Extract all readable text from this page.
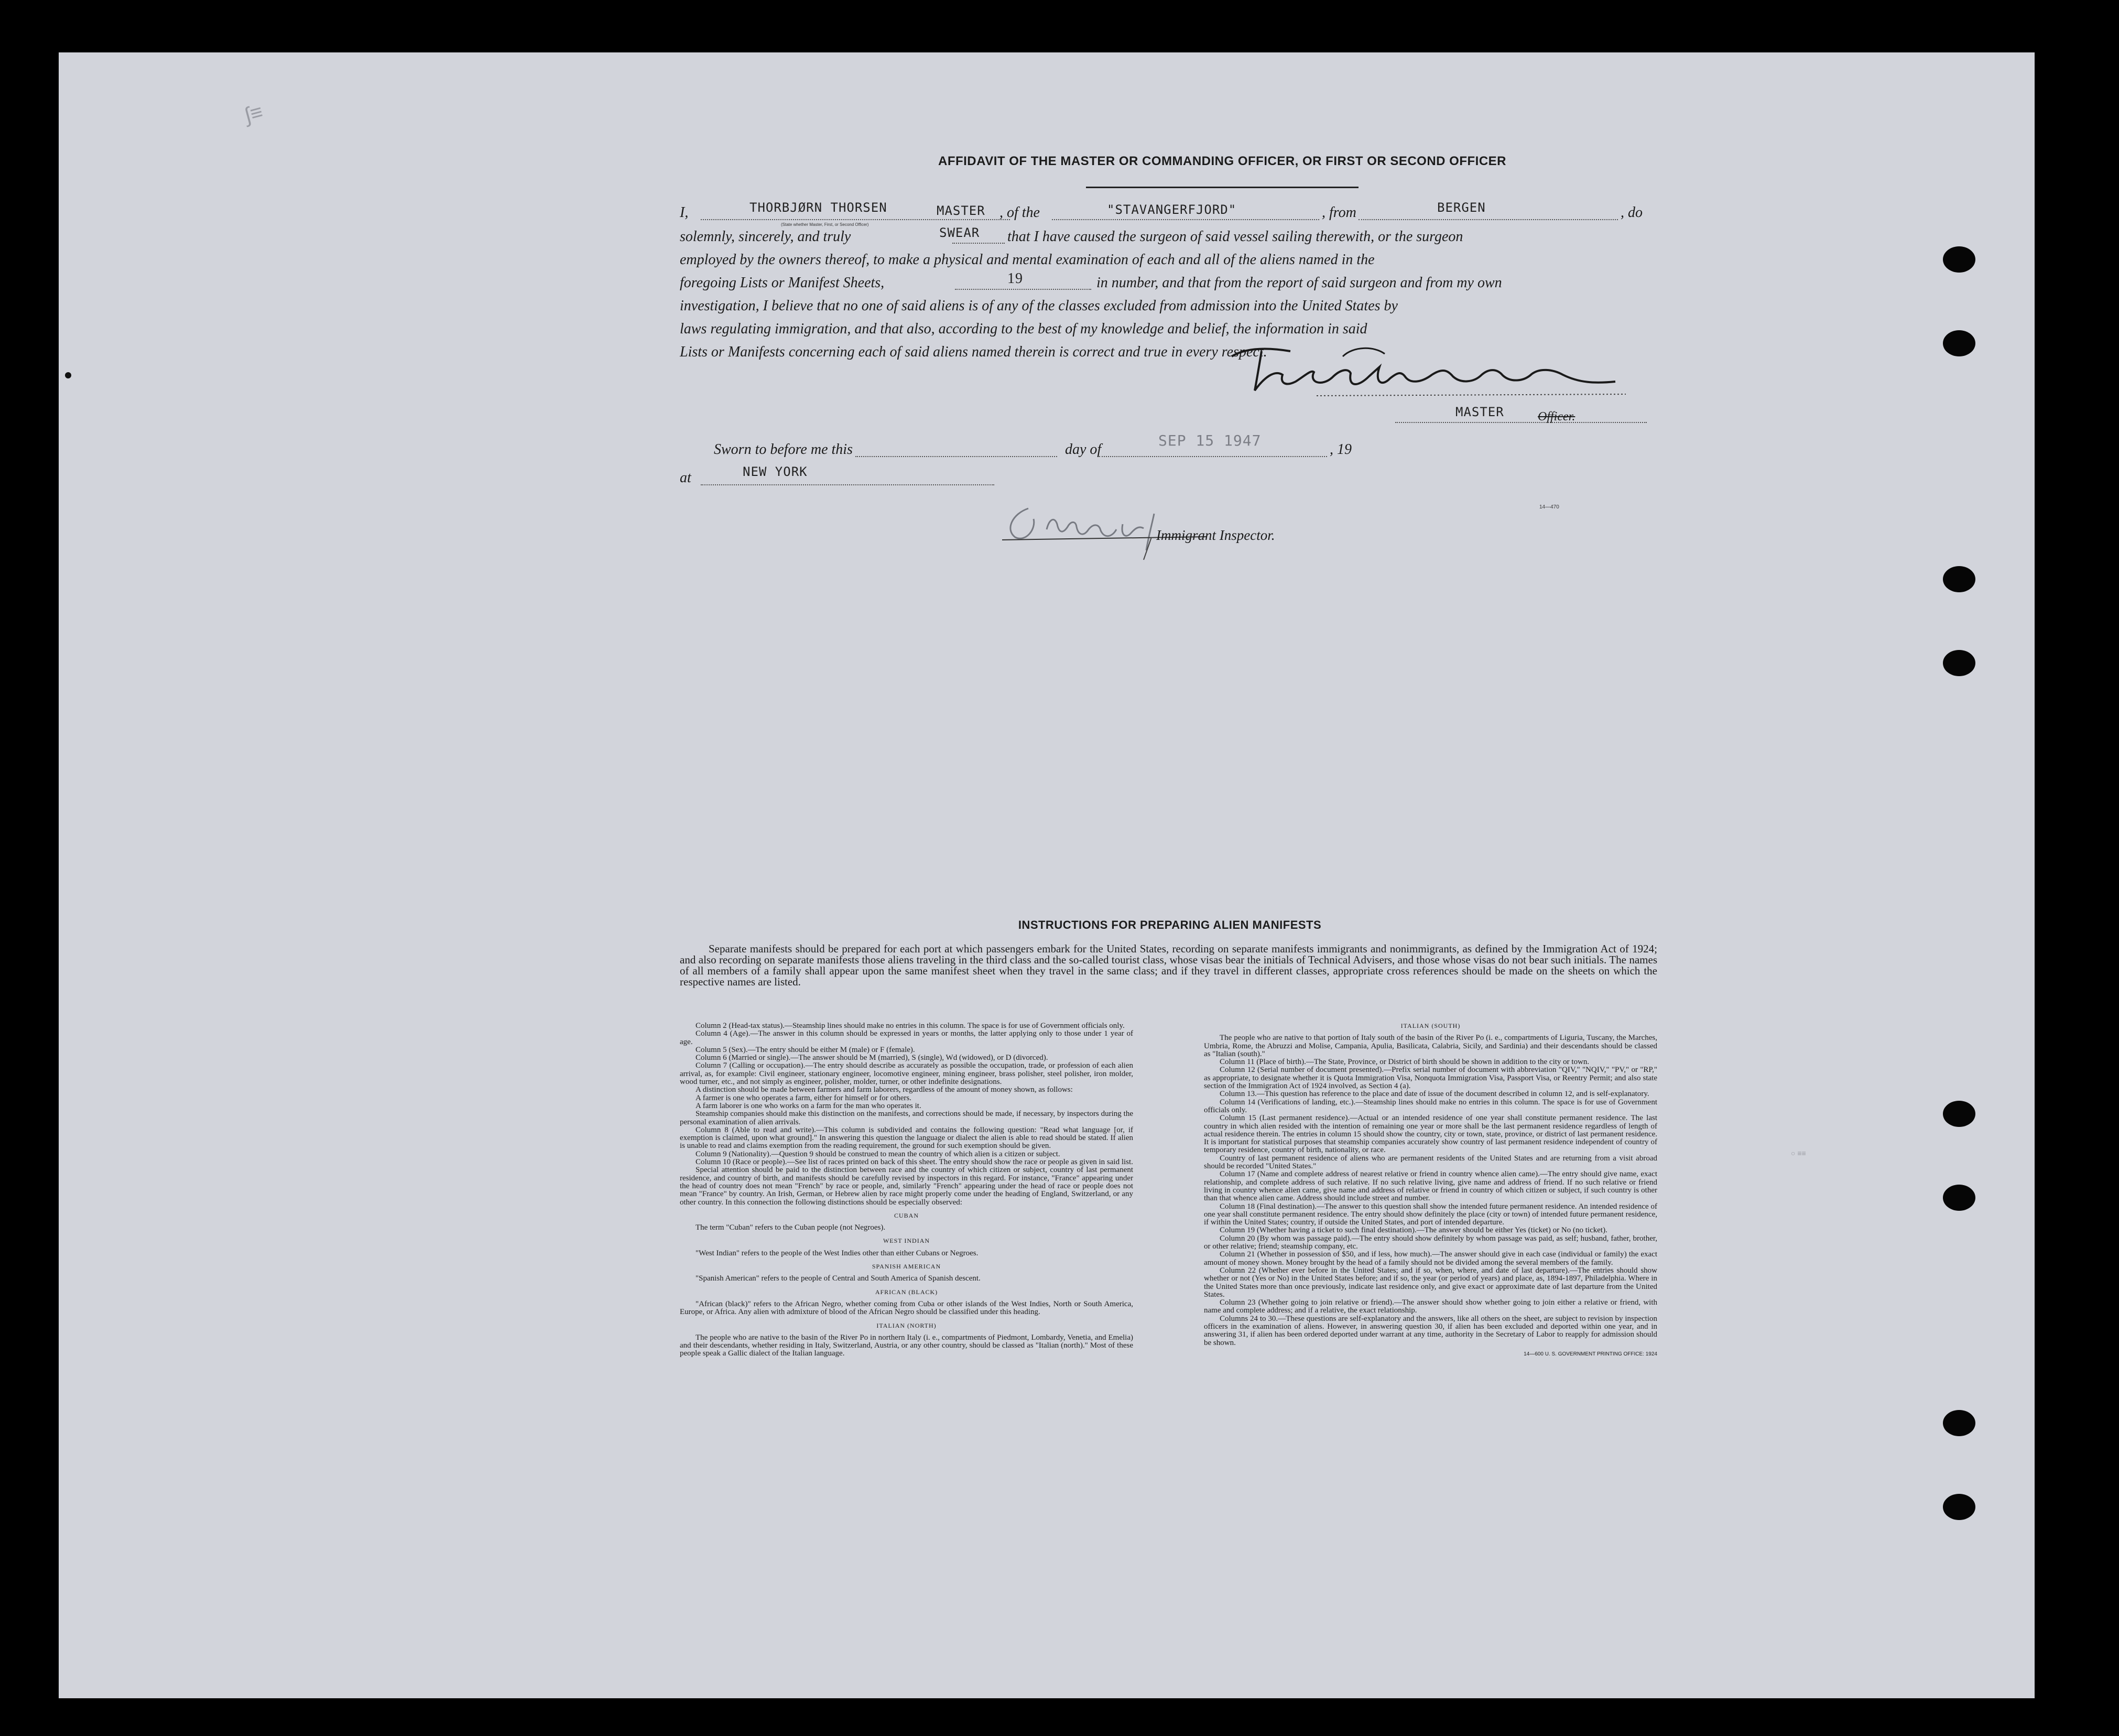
∫≡
AFFIDAVIT OF THE MASTER OR COMMANDING OFFICER, OR FIRST OR SECOND OFFICER
I,	, of the	, from	, do
THORBJØRN THORSEN	MASTER
(State whether Master, First, or Second Officer)
"STAVANGERFJORD"	BERGEN
solemnly, sincerely, and truly	that I have caused the surgeon of said vessel sailing therewith, or the surgeon
SWEAR
employed by the owners thereof, to make a physical and mental examination of each and all of the aliens named in the
foregoing Lists or Manifest Sheets,	in number, and that from the report of said surgeon and from my own
19
investigation, I believe that no one of said aliens is of any of the classes excluded from admission into the United States by
laws regulating immigration, and that also, according to the best of my knowledge and belief, the information in said
Lists or Manifests concerning each of said aliens named therein is correct and true in every respect.
MASTER	Officer.
Sworn to before me this	day of	, 19
SEP 15 1947
at	NEW YORK
Immigrant Inspector.
14—470
○ ≡≡
INSTRUCTIONS FOR PREPARING ALIEN MANIFESTS

Separate manifests should be prepared for each port at which passengers embark for the United States, recording on separate manifests immigrants and nonimmigrants, as defined by the Immigration Act of 1924; and also recording on separate manifests those aliens traveling in the third class and the so-called tourist class, whose visas bear the initials of Technical Advisers, and those whose visas do not bear such initials. The names of all members of a family shall appear upon the same manifest sheet when they travel in the same class; and if they travel in different classes, appropriate cross references should be made on the sheets on which the respective names are listed.

Column 2 (Head-tax status).—Steamship lines should make no entries in this column. The space is for use of Government officials only.

Column 4 (Age).—The answer in this column should be expressed in years or months, the latter applying only to those under 1 year of age.

Column 5 (Sex).—The entry should be either M (male) or F (female).

Column 6 (Married or single).—The answer should be M (married), S (single), Wd (widowed), or D (divorced).

Column 7 (Calling or occupation).—The entry should describe as accurately as possible the occupation, trade, or profession of each alien arrival, as, for example: Civil engineer, stationary engineer, locomotive engineer, mining engineer, brass polisher, steel polisher, iron molder, wood turner, etc., and not simply as engineer, polisher, molder, turner, or other indefinite designations.

A distinction should be made between farmers and farm laborers, regardless of the amount of money shown, as follows:

A farmer is one who operates a farm, either for himself or for others.

A farm laborer is one who works on a farm for the man who operates it.

Steamship companies should make this distinction on the manifests, and corrections should be made, if necessary, by inspectors during the personal examination of alien arrivals.

Column 8 (Able to read and write).—This column is subdivided and contains the following question: "Read what language [or, if exemption is claimed, upon what ground]." In answering this question the language or dialect the alien is able to read should be stated. If alien is unable to read and claims exemption from the reading requirement, the ground for such exemption should be given.

Column 9 (Nationality).—Question 9 should be construed to mean the country of which alien is a citizen or subject.

Column 10 (Race or people).—See list of races printed on back of this sheet. The entry should show the race or people as given in said list.

Special attention should be paid to the distinction between race and the country of which citizen or subject, country of last permanent residence, and country of birth, and manifests should be carefully revised by inspectors in this regard. For instance, "France" appearing under the head of country does not mean "French" by race or people, and, similarly "French" appearing under the head of race or people does not mean "France" by country. An Irish, German, or Hebrew alien by race might properly come under the heading of England, Switzerland, or any other country. In this connection the following distinctions should be especially observed:

CUBAN

The term "Cuban" refers to the Cuban people (not Negroes).

WEST INDIAN

"West Indian" refers to the people of the West Indies other than either Cubans or Negroes.

SPANISH AMERICAN

"Spanish American" refers to the people of Central and South America of Spanish descent.

AFRICAN (BLACK)

"African (black)" refers to the African Negro, whether coming from Cuba or other islands of the West Indies, North or South America, Europe, or Africa. Any alien with admixture of blood of the African Negro should be classified under this heading.

ITALIAN (NORTH)

The people who are native to the basin of the River Po in northern Italy (i. e., compartments of Piedmont, Lombardy, Venetia, and Emelia) and their descendants, whether residing in Italy, Switzerland, Austria, or any other country, should be classed as "Italian (north)." Most of these people speak a Gallic dialect of the Italian language.

ITALIAN (SOUTH)

The people who are native to that portion of Italy south of the basin of the River Po (i. e., compartments of Liguria, Tuscany, the Marches, Umbria, Rome, the Abruzzi and Molise, Campania, Apulia, Basilicata, Calabria, Sicily, and Sardinia) and their descendants should be classed as "Italian (south)."

Column 11 (Place of birth).—The State, Province, or District of birth should be shown in addition to the city or town.

Column 12 (Serial number of document presented).—Prefix serial number of document with abbreviation "QIV," "NQIV," "PV," or "RP," as appropriate, to designate whether it is Quota Immigration Visa, Nonquota Immigration Visa, Passport Visa, or Reentry Permit; and also state section of the Immigration Act of 1924 involved, as Section 4 (a).

Column 13.—This question has reference to the place and date of issue of the document described in column 12, and is self-explanatory.

Column 14 (Verifications of landing, etc.).—Steamship lines should make no entries in this column. The space is for use of Government officials only.

Column 15 (Last permanent residence).—Actual or an intended residence of one year shall constitute permanent residence. The last country in which alien resided with the intention of remaining one year or more shall be the last permanent residence regardless of length of actual residence therein. The entries in column 15 should show the country, city or town, state, province, or district of last permanent residence. It is important for statistical purposes that steamship companies accurately show country of last permanent residence independent of country of temporary residence, country of birth, nationality, or race.

Country of last permanent residence of aliens who are permanent residents of the United States and are returning from a visit abroad should be recorded "United States."

Column 17 (Name and complete address of nearest relative or friend in country whence alien came).—The entry should give name, exact relationship, and complete address of such relative. If no such relative living, give name and address of friend. If no such relative or friend living in country whence alien came, give name and address of relative or friend in country of which citizen or subject, if such country is other than that whence alien came. Address should include street and number.

Column 18 (Final destination).—The answer to this question shall show the intended future permanent residence. An intended residence of one year shall constitute permanent residence. The entry should show definitely the place (city or town) of intended future permanent residence, if within the United States; country, if outside the United States, and port of intended departure.

Column 19 (Whether having a ticket to such final destination).—The answer should be either Yes (ticket) or No (no ticket).

Column 20 (By whom was passage paid).—The entry should show definitely by whom passage was paid, as self; husband, father, brother, or other relative; friend; steamship company, etc.

Column 21 (Whether in possession of $50, and if less, how much).—The answer should give in each case (individual or family) the exact amount of money shown. Money brought by the head of a family should not be divided among the several members of the family.

Column 22 (Whether ever before in the United States; and if so, when, where, and date of last departure).—The entries should show whether or not (Yes or No) in the United States before; and if so, the year (or period of years) and place, as, 1894-1897, Philadelphia. Where in the United States more than once previously, indicate last residence only, and give exact or approximate date of last departure from the United States.

Column 23 (Whether going to join relative or friend).—The answer should show whether going to join either a relative or friend, with name and complete address; and if a relative, the exact relationship.

Columns 24 to 30.—These questions are self-explanatory and the answers, like all others on the sheet, are subject to revision by inspection officers in the examination of aliens. However, in answering question 30, if alien has been excluded and deported within one year, and in answering 31, if alien has been ordered deported under warrant at any time, authority in the Secretary of Labor to reapply for admission should be shown.

14—600 U. S. GOVERNMENT PRINTING OFFICE: 1924
